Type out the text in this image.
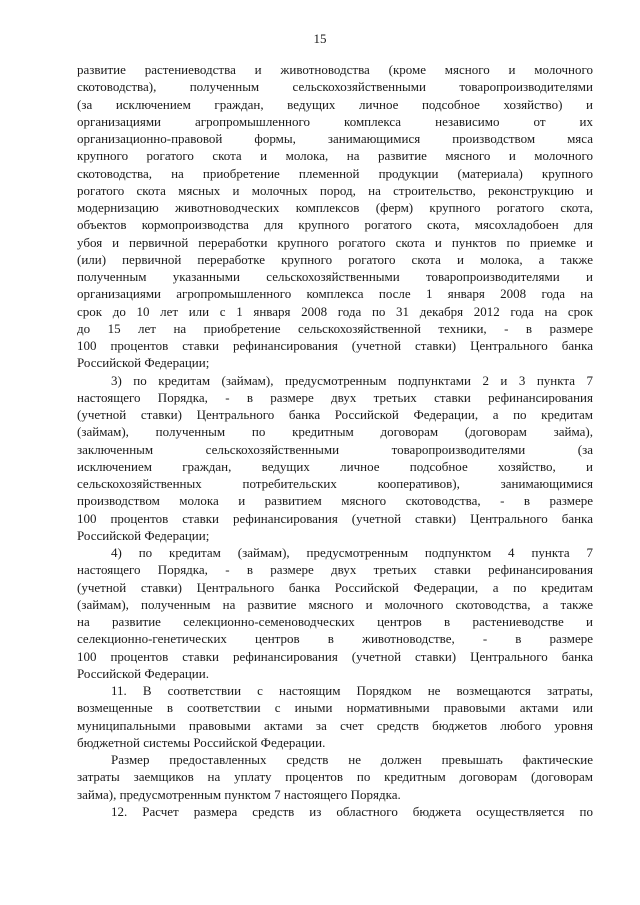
15
развитие растениеводства и животноводства (кроме мясного и молочного
скотоводства), полученным сельскохозяйственными товаропроизводителями
(за исключением граждан, ведущих личное подсобное хозяйство) и
организациями агропромышленного комплекса независимо от их
организационно-правовой формы, занимающимися производством мяса
крупного рогатого скота и молока, на развитие мясного и молочного
скотоводства, на приобретение племенной продукции (материала) крупного
рогатого скота мясных и молочных пород, на строительство, реконструкцию и
модернизацию животноводческих комплексов (ферм) крупного рогатого скота,
объектов кормопроизводства для крупного рогатого скота, мясохладобоен для
убоя и первичной переработки крупного рогатого скота и пунктов по приемке и
(или) первичной переработке крупного рогатого скота и молока, а также
полученным указанными сельскохозяйственными товаропроизводителями и
организациями агропромышленного комплекса после 1 января 2008 года на
срок до 10 лет или с 1 января 2008 года по 31 декабря 2012 года на срок
до 15 лет на приобретение сельскохозяйственной техники, - в размере
100 процентов ставки рефинансирования (учетной ставки) Центрального банка
Российской Федерации;
3) по кредитам (займам), предусмотренным подпунктами 2 и 3 пункта 7
настоящего Порядка, - в размере двух третьих ставки рефинансирования
(учетной ставки) Центрального банка Российской Федерации, а по кредитам
(займам), полученным по кредитным договорам (договорам займа),
заключенным сельскохозяйственными товаропроизводителями (за
исключением граждан, ведущих личное подсобное хозяйство, и
сельскохозяйственных потребительских кооперативов), занимающимися
производством молока и развитием мясного скотоводства, - в размере
100 процентов ставки рефинансирования (учетной ставки) Центрального банка
Российской Федерации;
4) по кредитам (займам), предусмотренным подпунктом 4 пункта 7
настоящего Порядка, - в размере двух третьих ставки рефинансирования
(учетной ставки) Центрального банка Российской Федерации, а по кредитам
(займам), полученным на развитие мясного и молочного скотоводства, а также
на развитие селекционно-семеноводческих центров в растениеводстве и
селекционно-генетических центров в животноводстве, - в размере
100 процентов ставки рефинансирования (учетной ставки) Центрального банка
Российской Федерации.
11. В соответствии с настоящим Порядком не возмещаются затраты,
возмещенные в соответствии с иными нормативными правовыми актами или
муниципальными правовыми актами за счет средств бюджетов любого уровня
бюджетной системы Российской Федерации.
Размер предоставленных средств не должен превышать фактические
затраты заемщиков на уплату процентов по кредитным договорам (договорам
займа), предусмотренным пунктом 7 настоящего Порядка.
12. Расчет размера средств из областного бюджета осуществляется по
